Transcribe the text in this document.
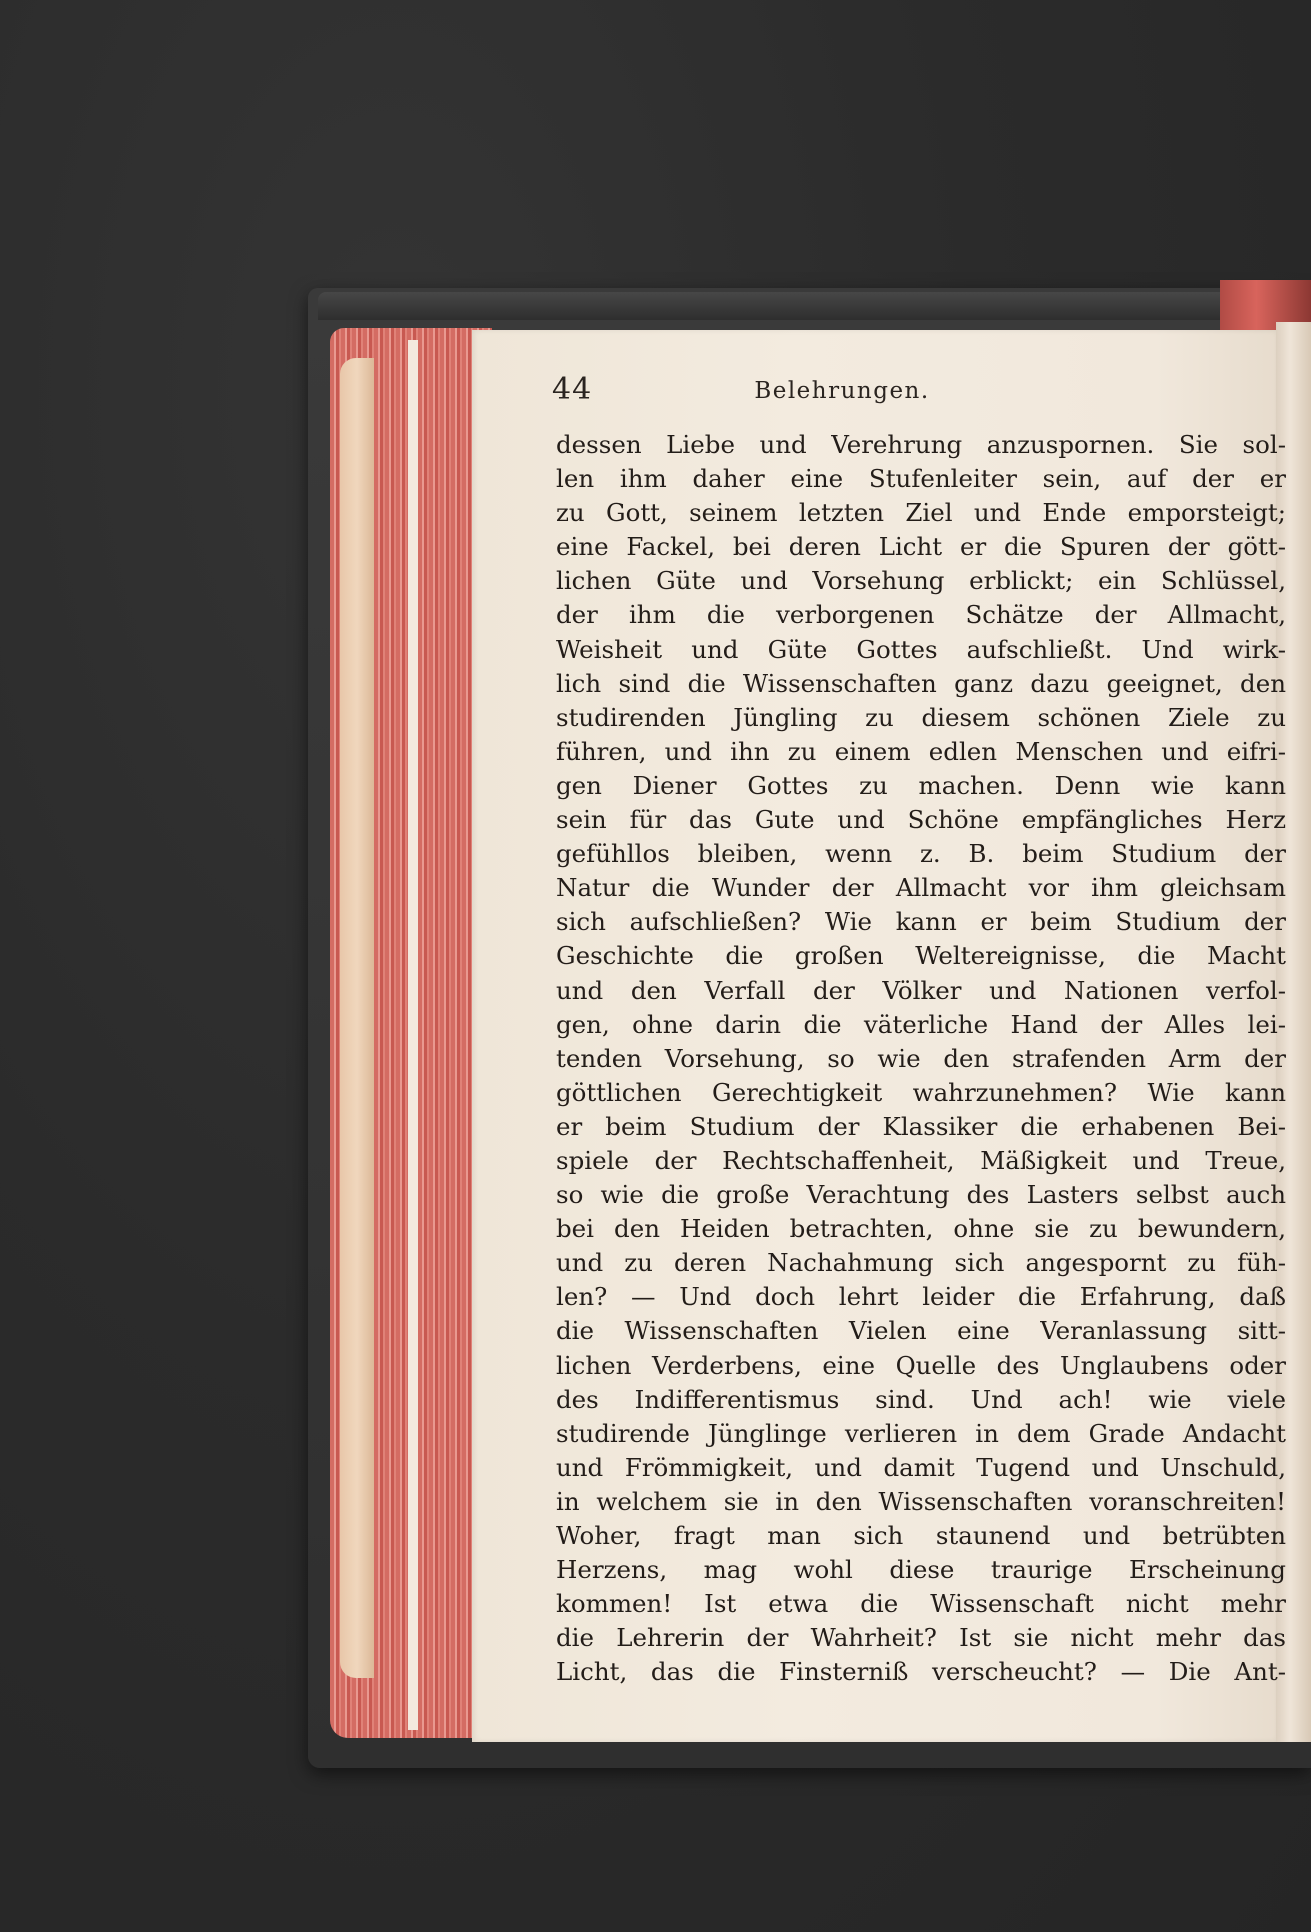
44	Belehrungen.
dessen Liebe und Verehrung anzuspornen. Sie sol-
len ihm daher eine Stufenleiter sein, auf der er
zu Gott, seinem letzten Ziel und Ende emporsteigt;
eine Fackel, bei deren Licht er die Spuren der gött-
lichen Güte und Vorsehung erblickt; ein Schlüssel,
der ihm die verborgenen Schätze der Allmacht,
Weisheit und Güte Gottes aufschließt. Und wirk-
lich sind die Wissenschaften ganz dazu geeignet, den
studirenden Jüngling zu diesem schönen Ziele zu
führen, und ihn zu einem edlen Menschen und eifri-
gen Diener Gottes zu machen. Denn wie kann
sein für das Gute und Schöne empfängliches Herz
gefühllos bleiben, wenn z. B. beim Studium der
Natur die Wunder der Allmacht vor ihm gleichsam
sich aufschließen? Wie kann er beim Studium der
Geschichte die großen Weltereignisse, die Macht
und den Verfall der Völker und Nationen verfol-
gen, ohne darin die väterliche Hand der Alles lei-
tenden Vorsehung, so wie den strafenden Arm der
göttlichen Gerechtigkeit wahrzunehmen? Wie kann
er beim Studium der Klassiker die erhabenen Bei-
spiele der Rechtschaffenheit, Mäßigkeit und Treue,
so wie die große Verachtung des Lasters selbst auch
bei den Heiden betrachten, ohne sie zu bewundern,
und zu deren Nachahmung sich angespornt zu füh-
len? — Und doch lehrt leider die Erfahrung, daß
die Wissenschaften Vielen eine Veranlassung sitt-
lichen Verderbens, eine Quelle des Unglaubens oder
des Indifferentismus sind. Und ach! wie viele
studirende Jünglinge verlieren in dem Grade Andacht
und Frömmigkeit, und damit Tugend und Unschuld,
in welchem sie in den Wissenschaften voranschreiten!
Woher, fragt man sich staunend und betrübten
Herzens, mag wohl diese traurige Erscheinung
kommen! Ist etwa die Wissenschaft nicht mehr
die Lehrerin der Wahrheit? Ist sie nicht mehr das
Licht, das die Finsterniß verscheucht? — Die Ant-
